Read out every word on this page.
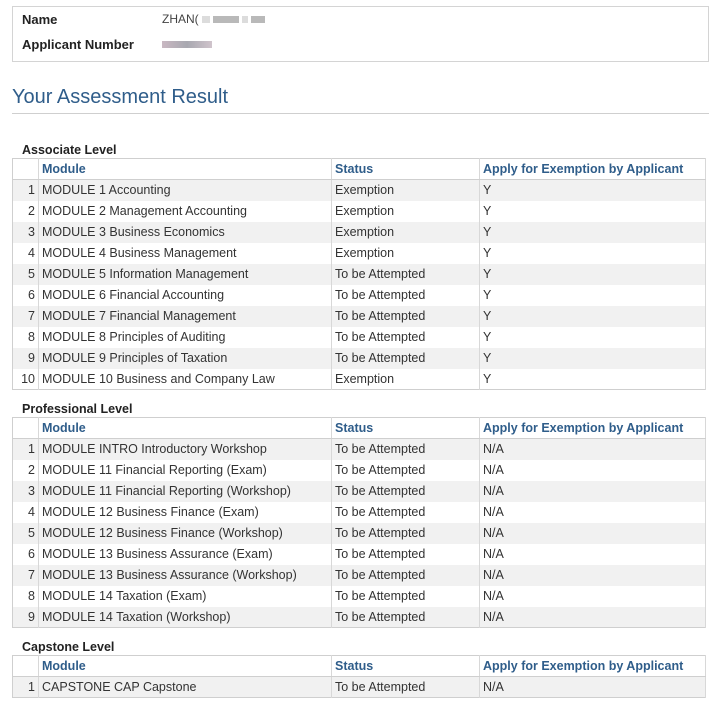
Name	ZHAN(
Applicant Number
Your Assessment Result
Associate Level
	Module	Status	Apply for Exemption by Applicant
1	MODULE 1 Accounting	Exemption	Y
2	MODULE 2 Management Accounting	Exemption	Y
3	MODULE 3 Business Economics	Exemption	Y
4	MODULE 4 Business Management	Exemption	Y
5	MODULE 5 Information Management	To be Attempted	Y
6	MODULE 6 Financial Accounting	To be Attempted	Y
7	MODULE 7 Financial Management	To be Attempted	Y
8	MODULE 8 Principles of Auditing	To be Attempted	Y
9	MODULE 9 Principles of Taxation	To be Attempted	Y
10	MODULE 10 Business and Company Law	Exemption	Y
Professional Level
	Module	Status	Apply for Exemption by Applicant
1	MODULE INTRO Introductory Workshop	To be Attempted	N/A
2	MODULE 11 Financial Reporting (Exam)	To be Attempted	N/A
3	MODULE 11 Financial Reporting (Workshop)	To be Attempted	N/A
4	MODULE 12 Business Finance (Exam)	To be Attempted	N/A
5	MODULE 12 Business Finance (Workshop)	To be Attempted	N/A
6	MODULE 13 Business Assurance (Exam)	To be Attempted	N/A
7	MODULE 13 Business Assurance (Workshop)	To be Attempted	N/A
8	MODULE 14 Taxation (Exam)	To be Attempted	N/A
9	MODULE 14 Taxation (Workshop)	To be Attempted	N/A
Capstone Level
	Module	Status	Apply for Exemption by Applicant
1	CAPSTONE CAP Capstone	To be Attempted	N/A
